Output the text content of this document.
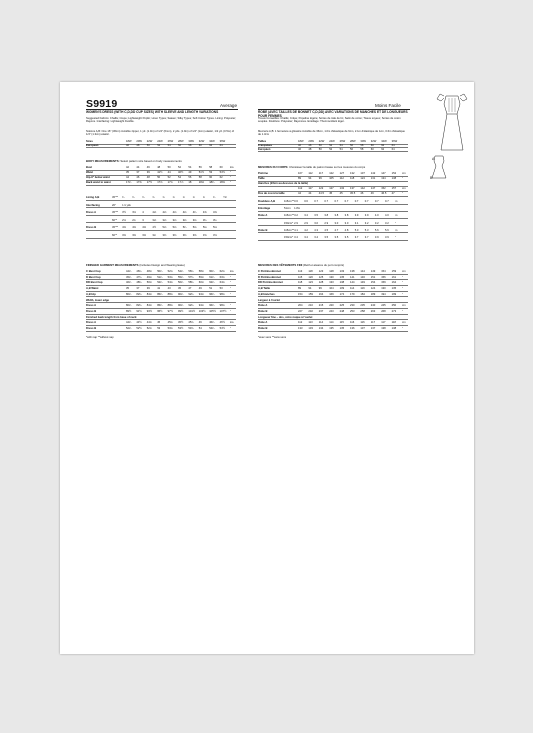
S9919	Average	Moins Facile
A
B
WOMEN'S DRESS (WITH C,D,DD CUP SIZES) WITH SLEEVE AND LENGTH VARIATIONS
Suggested Fabrics: Challis; Crepe; Lightweight Poplin; Linen Types; Sateen; Silky Types; Soft Cotton Types. Lining: Polyester; Rayons. Interfacing: Lightweight Fusible.
Notions A,B: One 16" (36cm) invisible zipper, 1 yd. (1.0m) of 1/4" (6mm), 2 yds. (1.9m) of 1/4" (1cm) elastic, 1/2 yd. (0.5m) of 1/4" (1.3cm) elastic.
Sizes	18W	20W	22W	24W	26W	28W	30W	32W	34W	36W
European	46	48	50	52	54	56	58	60	62	64
BODY MEASUREMENTS: Select pattern size based on body measurements
Bust	42	44	46	48	50	52	54	56	58	60	ins.
Waist	35	37	39	41½	44	46½	49	51½	53	54½	"
Hip-9" below waist	44	46	48	50	52	54	56	58	60	62	"
Back waist to waist	17¼	17⅜	17½	17⅝	17¾	17⅞	18	18⅛	18¼	18⅜	"
Lining A,B	45"**	¾	¾	¾	¾	¾	¾	¾	¾	¾	¾	Yd
Interfacing	20"	1⅞ yds
Dress A	45"**	3½	3⅝	4	4⅛	4⅛	4⅛	4⅛	4¼	4⅜	4⅜
60"*	2⅝	2¾	3	3⅛	3⅛	3⅛	3⅛	3⅛	3¼	3¼
Dress B	45"**	4⅜	4⅜	4⅜	4½	5⅛	5⅛	5¼	5⅛	5⅛	5⅛
60"*	3⅜	3⅜	3⅜	3¼	3⅜	3⅜	3⅜	3⅜	3⅝	3⅝
FINISHED GARMENT MEASUREMENTS (Includes Design and Wearing Ease)
C Bust Cup	44¼	46¼	48¼	50¼	52¼	54¼	56¼	58¼	60¼	62¼	ins.
D Bust Cup	45¼	47¼	49¼	51¼	53¼	55¼	57¼	59¼	61¼	63¼	"
DD Bust Cup	46¼	48¼	50¼	52¼	54¼	56¼	58¼	60¼	62¼	64¼	"
A,B Waist	35	37	39	41	43	45	47	49	51	53	"
A,B Hip	80¼	82¼	84¼	86¼	88¼	90¼	92¼	94¼	96¼	98¼	"
Width, lower edge
Dress A	80¼	82¼	84¼	86¼	88¼	90¼	92¼	94¼	96¼	98¼	"
Dress B	89½	91½	93½	95½	97½	99½	101½	103½	105½	107½	"
Finished back length from base of neck
Dress A	44¼	44½	44¾	45	45¼	45½	45¾	46	46¼	46½	ins.
Dress B	52¼	52½	52¾	53	53¼	53½	53¾	54	54¼	54½	"
*with nap **without nap
ROBE (AVEC TAILLES DE BONNET C,D,DD) AVEC VARIATIONS DE MANCHES ET DE LONGUEURS POUR FEMMES
Tissus Conseillés: Challis; Crêpe; Popeline légère; Sortes de toile de lin; Satin de coton; Tissus soyeux; Sortes de coton souples. Doublure: Polyester; Rayonnes. Entoilage: Thermocollant léger.
Mercerie A,B: 1 fermeture à glissière invisible de 36cm, 1.0m d'élastique de 6cm, 2.1m d'élastique de 1cm, 0.6m d'élastique de 1.3cm
Tailles	18W	20W	22W	24W	26W	28W	30W	32W	34W	36W
Françaises	46	48	50	52	54	56	58	60	62	64
Européen	46	48	50	52	54	56	58	60	62	64
MESURES DU CORPS: Choisissez la taille du patron basée sur les mesures du corps
Poitrine	107	112	117	122	127	132	137	142	147	152	cm
Taille	89	94	99	105	112	118	124	131	134	138	"
Hanches (23cm au-dessous de la taille)
112	117	122	127	132	137	142	147	152	157	cm
Dos de cou à la taille	44	44	44.5	45	45	45.5	46	46	46.5	47	"
Doublure A,B	115cm** 0.6	0.6	0.7	0.7	0.7	0.7	0.7	0.7	0.7	0.7	m
Entoilage	51cm	1.8m
Robe A	115cm** 3.2	3.4	3.5	3.8	3.8	3.8	3.9	3.9	4.0	4.0	m
150cm* 2.9	2.9	3.0	2.9	3.0	3.0	3.1	3.2	3.2	3.2	"
Robe B	115cm** 4.1	4.2	4.3	4.5	4.7	4.8	5.0	5.3	5.6	5.6	m
150cm* 3.4	3.4	3.4	3.5	3.5	3.5	3.7	3.7	3.9	3.9	"
MESURES DES VÊTEMENTS FINI (Relif et aisance du port compris)
C Poitrine-Bonnet	113	118	123	128	133	138	144	149	154	159	cm
D Poitrine-Bonnet	115	120	125	130	135	141	146	151	156	161	"
DD Poitrine-Bonnet	118	123	128	133	138	144	149	154	159	164	"
A,B Taille	89	94	99	104	109	114	119	124	130	135	"
A,B Hanches	154	159	164	169	174	179	184	189	194	199	"
Largeur à l'ourlet
Robe A	204	210	215	220	225	230	235	240	245	250	cm
Robe B	227	232	237	243	248	253	258	263	268	273	"
Longueur fine – dos, votre nuque à l'ourlet
Robe A	112	113	114	114	115	116	116	117	117	118	cm
Robe B	133	133	134	135	135	136	137	137	138	138	"
*avec sens **sans sens
